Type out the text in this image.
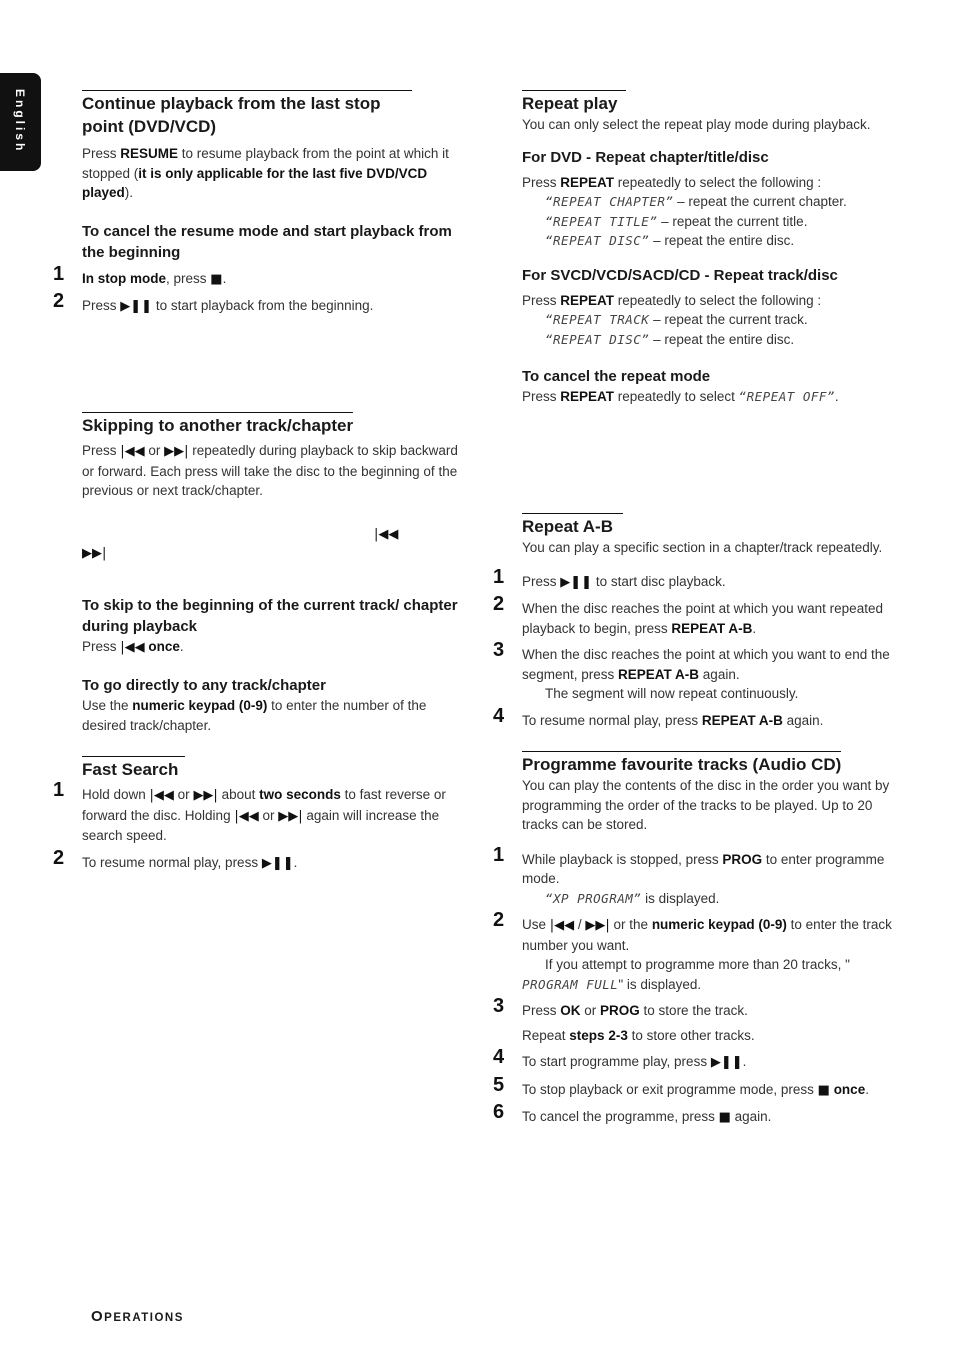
English	Continue playback from the last stop point (DVD/VCD)
Press RESUME to resume playback from the point at which it stopped (it is only applicable for the last five DVD/VCD played).
To cancel the resume mode and start playback from the beginning
1 In stop mode, press ■.
2 Press ▶❚❚ to start playback from the beginning.
Skipping to another track/chapter
Press |◀◀ or ▶▶| repeatedly during playback to skip backward or forward. Each press will take the disc to the beginning of the previous or next track/chapter.
|◀◀
▶▶|
To skip to the beginning of the current track/ chapter during playback
Press |◀◀ once.
To go directly to any track/chapter
Use the numeric keypad (0-9) to enter the number of the desired track/chapter.
Fast Search
1 Hold down |◀◀ or ▶▶| about two seconds to fast reverse or forward the disc. Holding |◀◀ or ▶▶| again will increase the search speed.
2 To resume normal play, press ▶❚❚.
Repeat play
You can only select the repeat play mode during playback.
For DVD - Repeat chapter/title/disc
Press REPEAT repeatedly to select the following :
“REPEAT CHAPTER” – repeat the current chapter.
“REPEAT TITLE” – repeat the current title.
“REPEAT DISC” – repeat the entire disc.
For SVCD/VCD/SACD/CD - Repeat track/disc
Press REPEAT repeatedly to select the following :
“REPEAT TRACK – repeat the current track.
“REPEAT DISC” – repeat the entire disc.
To cancel the repeat mode
Press REPEAT repeatedly to select “REPEAT OFF”.
Repeat A-B
You can play a specific section in a chapter/track repeatedly.
1 Press ▶❚❚ to start disc playback.
2 When the disc reaches the point at which you want repeated playback to begin, press REPEAT A-B.
3 When the disc reaches the point at which you want to end the segment, press REPEAT A-B again.
The segment will now repeat continuously.
4 To resume normal play, press REPEAT A-B again.
Programme favourite tracks (Audio CD)
You can play the contents of the disc in the order you want by programming the order of the tracks to be played. Up to 20 tracks can be stored.
1 While playback is stopped, press PROG to enter programme mode.
“XP PROGRAM” is displayed.
2 Use |◀◀ / ▶▶| or the numeric keypad (0-9) to enter the track number you want.
If you attempt to programme more than 20 tracks, "
PROGRAM FULL" is displayed.
3 Press OK or PROG to store the track.
Repeat steps 2-3 to store other tracks.
4 To start programme play, press ▶❚❚.
5 To stop playback or exit programme mode, press ■ once.
6 To cancel the programme, press ■ again.
OPERATIONS
